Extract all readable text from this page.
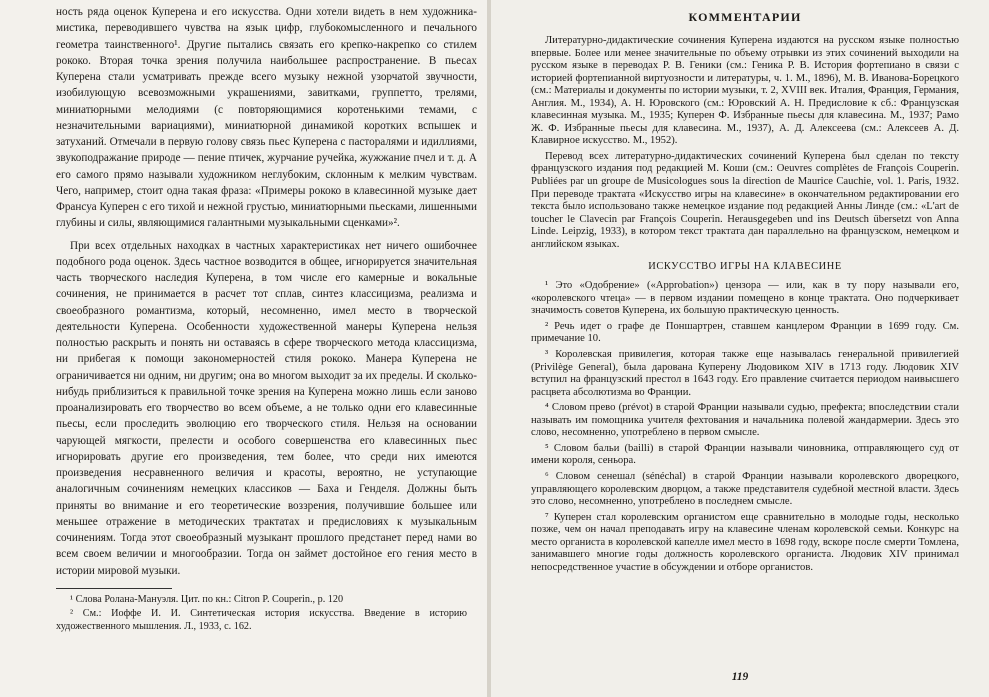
ность ряда оценок Куперена и его искусства. Одни хотели видеть в нем художника-мистика, переводившего чувства на язык цифр, глубокомысленного и печального геометра таинственного¹. Другие пытались связать его крепко-накрепко со стилем рококо. Вторая точка зрения получила наибольшее распространение. В пьесах Куперена стали усматривать прежде всего музыку нежной узорчатой звучности, изобилующую всевозможными украшениями, завитками, группетто, трелями, миниатюрными мелодиями (с повторяющимися коротенькими темами, с незначительными вариациями), миниатюрной динамикой коротких вспышек и затуханий. Отмечали в первую голову связь пьес Куперена с пасторалями и идиллиями, звукоподражание природе — пение птичек, журчание ручейка, жужжание пчел и т. д. А его самого прямо называли художником неглубоким, склонным к мелким чувствам. Чего, например, стоит одна такая фраза: «Примеры рококо в клавесинной музыке дает Франсуа Куперен с его тихой и нежной грустью, миниатюрными пьесками, лишенными глубины и силы, являющимися галантными музыкальными сценками»².

При всех отдельных находках в частных характеристиках нет ничего ошибочнее подобного рода оценок. Здесь частное возводится в общее, игнорируется значительная часть творческого наследия Куперена, в том числе его камерные и вокальные сочинения, не принимается в расчет тот сплав, синтез классицизма, реализма и своеобразного романтизма, который, несомненно, имел место в творческой деятельности Куперена. Особенности художественной манеры Куперена нельзя полностью раскрыть и понять ни оставаясь в сфере творческого метода классицизма, ни прибегая к помощи закономерностей стиля рококо. Манера Куперена не ограничивается ни одним, ни другим; она во многом выходит за их пределы. И сколько-нибудь приблизиться к правильной точке зрения на Куперена можно лишь если заново проанализировать его творчество во всем объеме, а не только одни его клавесинные пьесы, если проследить эволюцию его творческого стиля. Нельзя на основании чарующей мягкости, прелести и особого совершенства его клавесинных пьес игнорировать другие его произведения, тем более, что среди них имеются произведения несравненного величия и красоты, вероятно, не уступающие аналогичным сочинениям немецких классиков — Баха и Генделя. Должны быть приняты во внимание и его теоретические воззрения, получившие большее или меньшее отражение в методических трактатах и предисловиях к музыкальным сочинениям. Тогда этот своеобразный музыкант прошлого предстанет перед нами во всем своем величии и многообразии. Тогда он займет достойное его гения место в истории мировой музыки.

¹ Слова Ролана-Мануэля. Цит. по кн.: Citron P. Couperin., p. 120

² См.: Иоффе И. И. Синтетическая история искусства. Введение в историю художественного мышления. Л., 1933, с. 162.

КОММЕНТАРИИ

Литературно-дидактические сочинения Куперена издаются на русском языке полностью впервые. Более или менее значительные по объему отрывки из этих сочинений выходили на русском языке в переводах Р. В. Геники (см.: Геника Р. В. История фортепиано в связи с историей фортепианной виртуозности и литературы, ч. 1. М., 1896), М. В. Иванова-Борецкого (см.: Материалы и документы по истории музыки, т. 2, XVIII век. Италия, Франция, Германия, Англия. М., 1934), А. Н. Юровского (см.: Юровский А. Н. Предисловие к сб.: Французская клавесинная музыка. М., 1935; Куперен Ф. Избранные пьесы для клавесина. М., 1937; Рамо Ж. Ф. Избранные пьесы для клавесина. М., 1937), А. Д. Алексеева (см.: Алексеев А. Д. Клавирное искусство. М., 1952).

Перевод всех литературно-дидактических сочинений Куперена был сделан по тексту французского издания под редакцией М. Коши (см.: Oeuvres complètes de François Couperin. Publiées par un groupe de Musicologues sous la direction de Maurice Cauchie, vol. 1. Paris, 1932. При переводе трактата «Искусство игры на клавесине» в окончательном редактировании его текста было использовано также немецкое издание под редакцией Анны Линде (см.: «L'art de toucher le Clavecin par François Couperin. Herausgegeben und ins Deutsch übersetzt von Anna Linde. Leipzig, 1933), в котором текст трактата дан параллельно на французском, немецком и английском языках.

ИСКУССТВО ИГРЫ НА КЛАВЕСИНЕ

¹ Это «Одобрение» («Approbation») цензора — или, как в ту пору называли его, «королевского чтеца» — в первом издании помещено в конце трактата. Оно подчеркивает значимость советов Куперена, их большую практическую ценность.

² Речь идет о графе де Поншартрен, ставшем канцлером Франции в 1699 году. См. примечание 10.

³ Королевская привилегия, которая также еще называлась генеральной привилегией (Privilège General), была дарована Куперену Людовиком XIV в 1713 году. Людовик XIV вступил на французский престол в 1643 году. Его правление считается периодом наивысшего расцвета абсолютизма во Франции.

⁴ Словом прево (prévot) в старой Франции называли судью, префекта; впоследствии стали называть им помощника учителя фехтования и начальника полевой жандармерии. Здесь это слово, несомненно, употреблено в первом смысле.

⁵ Словом бальи (baillі) в старой Франции называли чиновника, отправляющего суд от имени короля, сеньора.

⁶ Словом сенешал (sénéchal) в старой Франции называли королевского дворецкого, управляющего королевским дворцом, а также представителя судебной местной власти. Здесь это слово, несомненно, употреблено в последнем смысле.

⁷ Куперен стал королевским органистом еще сравнительно в молодые годы, несколько позже, чем он начал преподавать игру на клавесине членам королевской семьи. Конкурс на место органиста в королевской капелле имел место в 1698 году, вскоре после смерти Томлена, занимавшего многие годы должность королевского органиста. Людовик XIV принимал непосредственное участие в обсуждении и отборе органистов.

119
